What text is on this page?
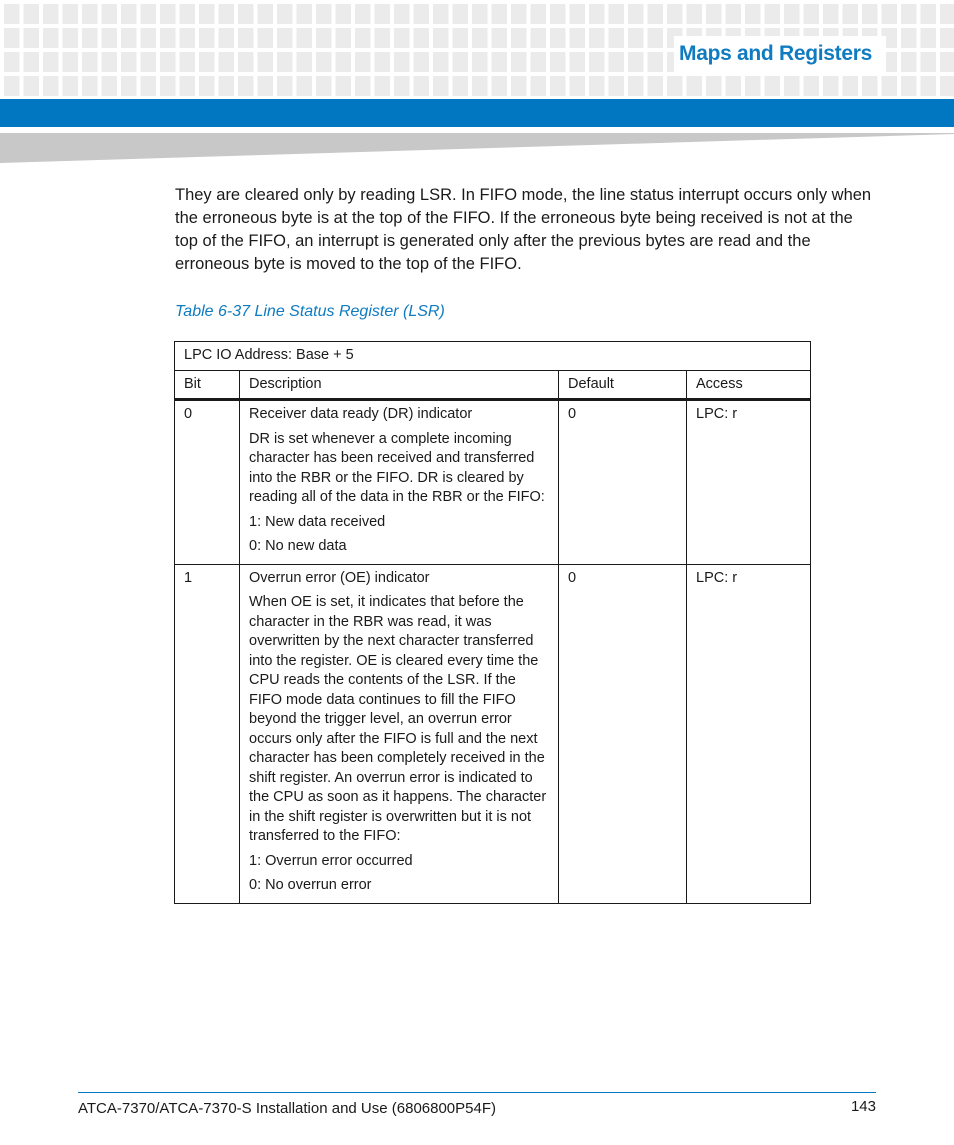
Maps and Registers

They are cleared only by reading LSR. In FIFO mode, the line status interrupt occurs only when the erroneous byte is at the top of the FIFO. If the erroneous byte being received is not at the top of the FIFO, an interrupt is generated only after the previous bytes are read and the erroneous byte is moved to the top of the FIFO.

Table 6-37 Line Status Register (LSR)

LPC IO Address: Base + 5			
Bit	Description	Default	Access
0	Receiver data ready (DR) indicator

DR is set whenever a complete incoming character has been received and transferred into the RBR or the FIFO. DR is cleared by reading all of the data in the RBR or the FIFO:

1: New data received

0: No new data	0	LPC: r
1	Overrun error (OE) indicator

When OE is set, it indicates that before the character in the RBR was read, it was overwritten by the next character transferred into the register. OE is cleared every time the CPU reads the contents of the LSR. If the FIFO mode data continues to fill the FIFO beyond the trigger level, an overrun error occurs only after the FIFO is full and the next character has been completely received in the shift register. An overrun error is indicated to the CPU as soon as it happens. The character in the shift register is overwritten but it is not transferred to the FIFO:

1: Overrun error occurred

0: No overrun error	0	LPC: r

ATCA-7370/ATCA-7370-S Installation and Use (6806800P54F)	143
